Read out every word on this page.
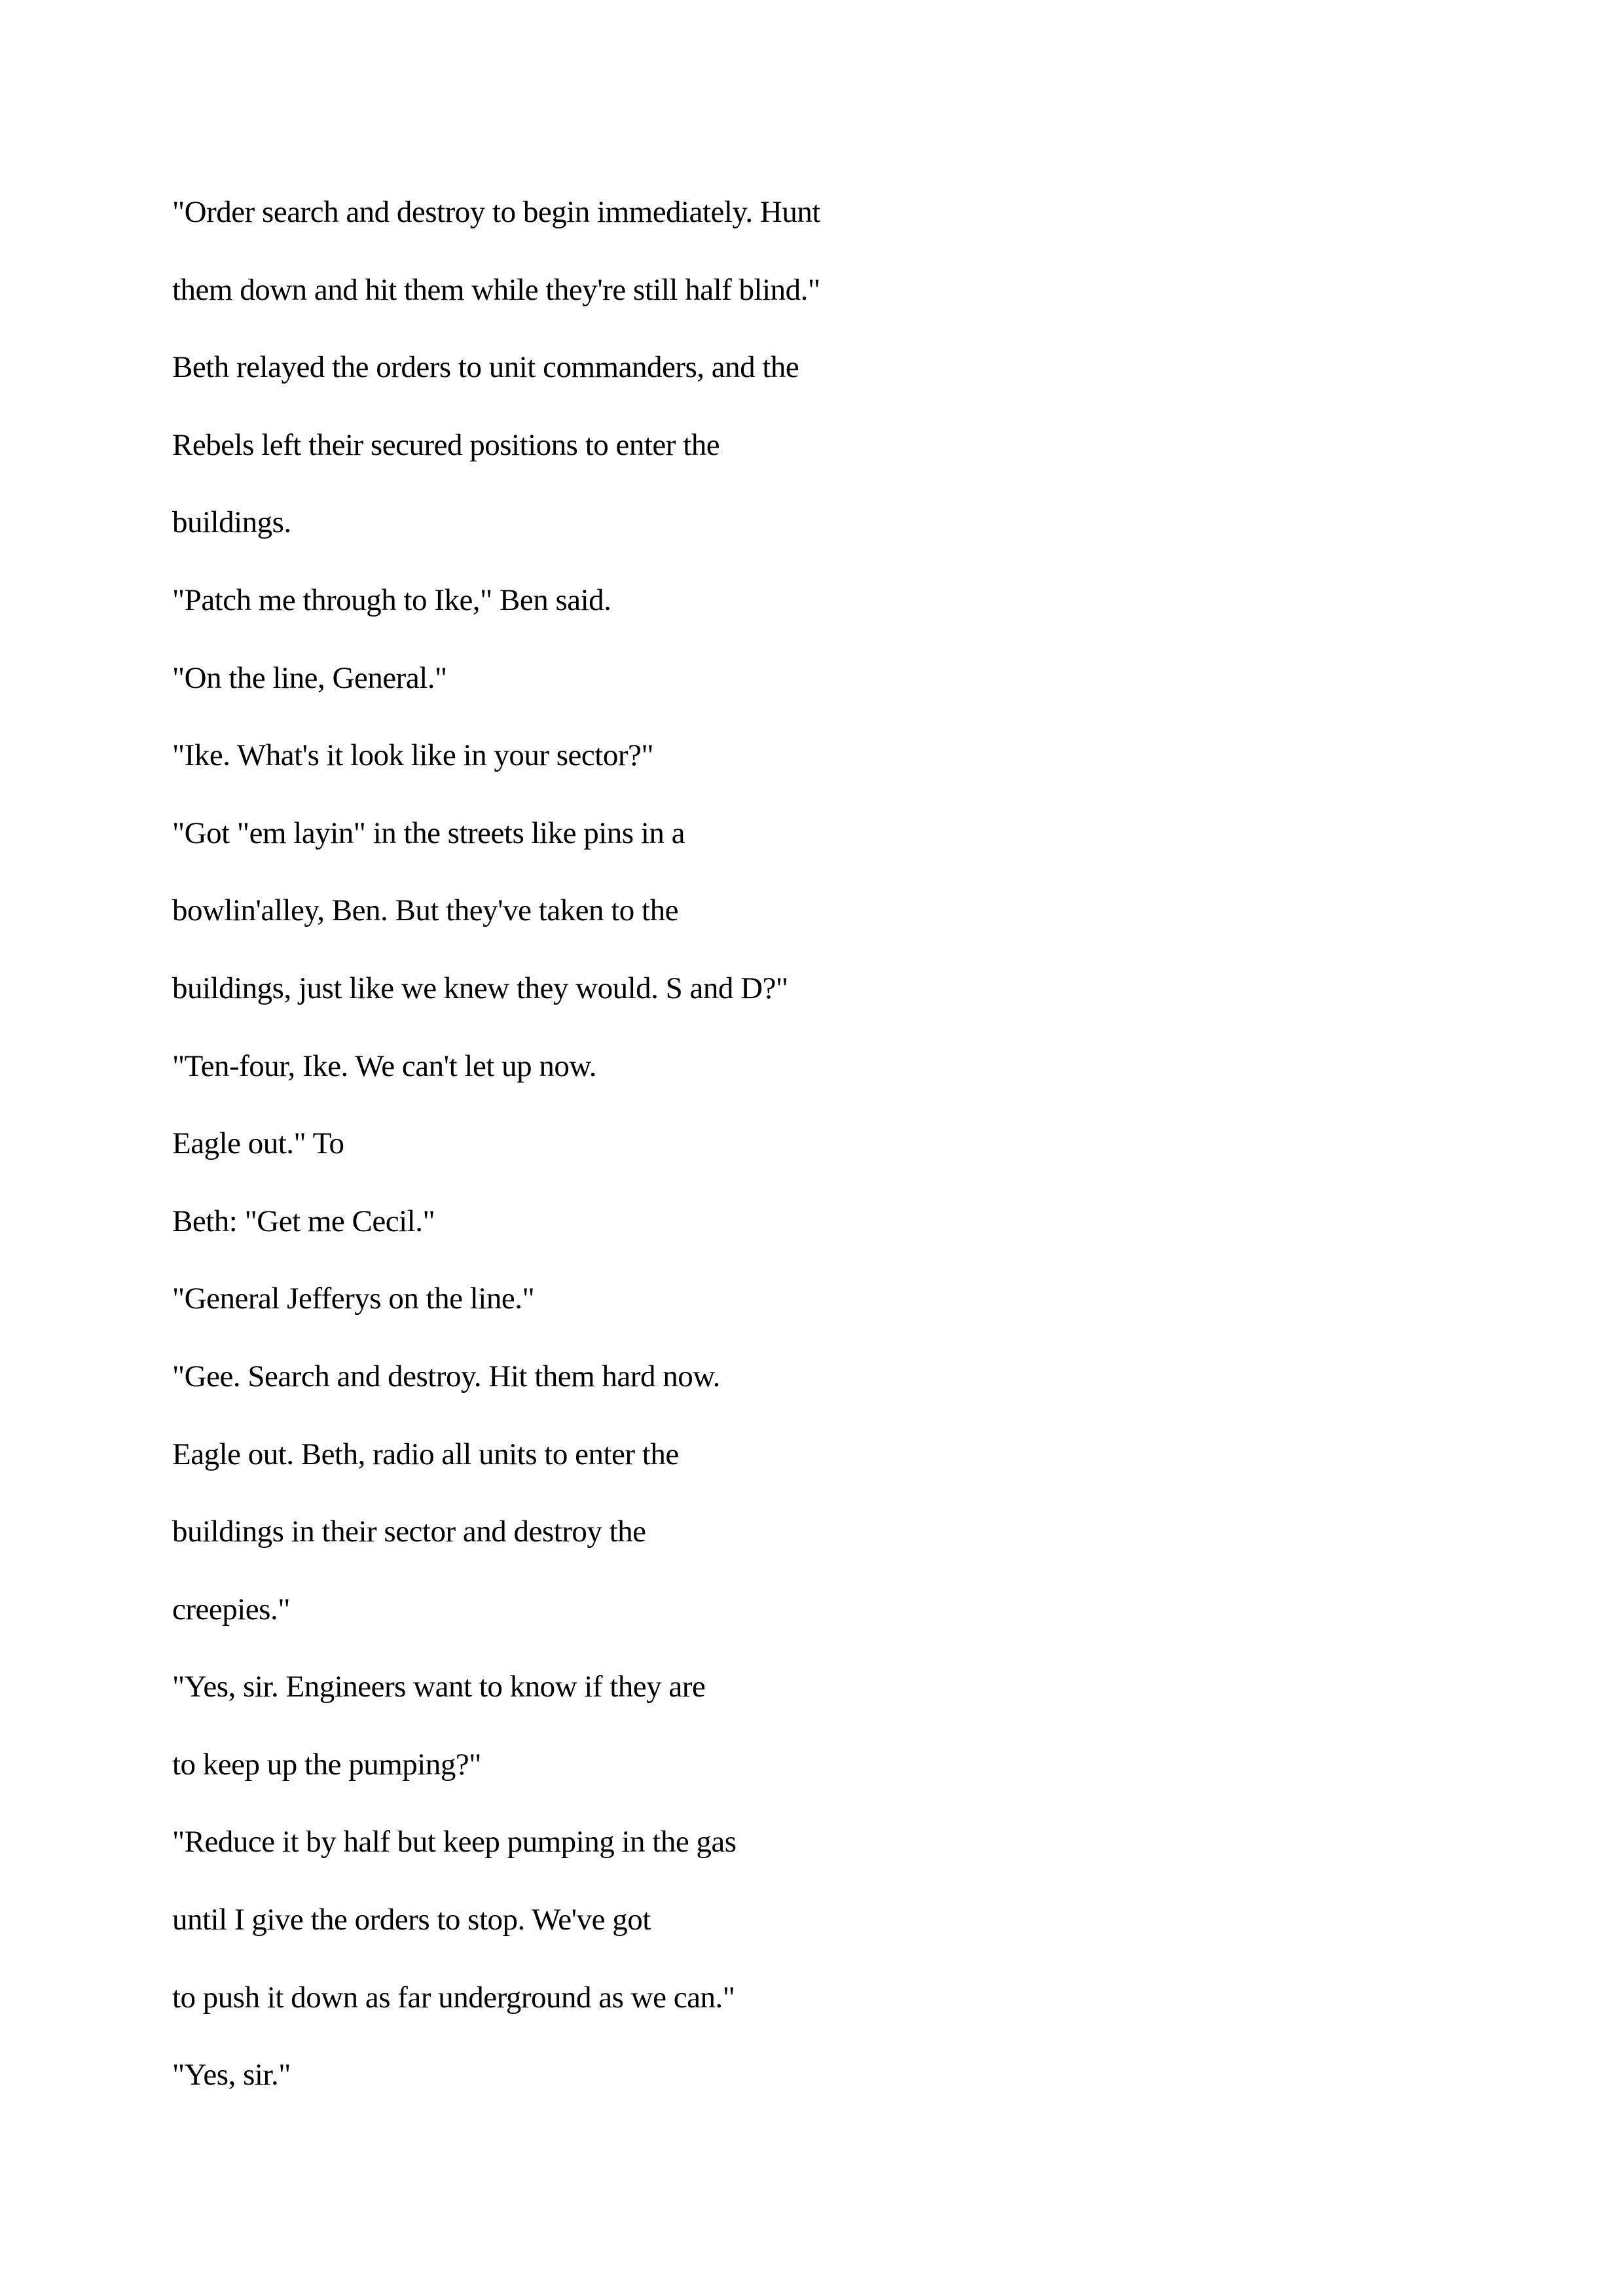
"Order search and destroy to begin immediately. Hunt

them down and hit them while they're still half blind."

Beth relayed the orders to unit commanders, and the

Rebels left their secured positions to enter the

buildings.

"Patch me through to Ike," Ben said.

"On the line, General."

"Ike. What's it look like in your sector?"

"Got "em layin" in the streets like pins in a

bowlin'alley, Ben. But they've taken to the

buildings, just like we knew they would. S and D?"

"Ten-four, Ike. We can't let up now.

Eagle out." To

Beth: "Get me Cecil."

"General Jefferys on the line."

"Gee. Search and destroy. Hit them hard now.

Eagle out. Beth, radio all units to enter the

buildings in their sector and destroy the

creepies."

"Yes, sir. Engineers want to know if they are

to keep up the pumping?"

"Reduce it by half but keep pumping in the gas

until I give the orders to stop. We've got

to push it down as far underground as we can."

"Yes, sir."
